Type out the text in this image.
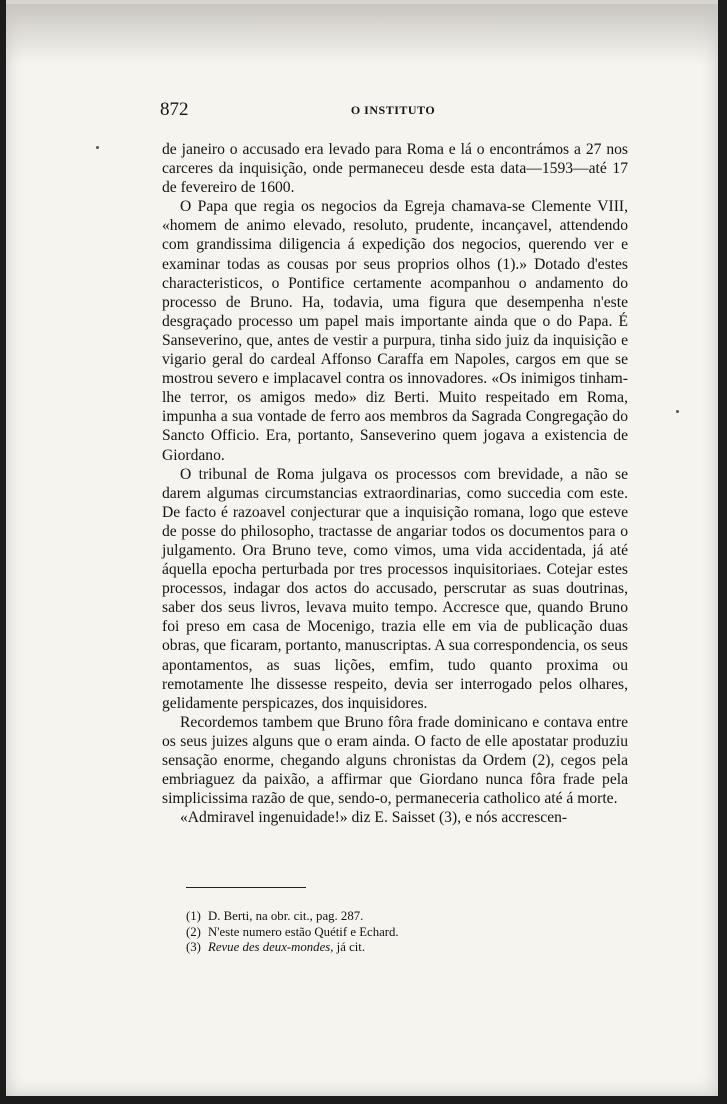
872	O INSTITUTO

de janeiro o accusado era levado para Roma e lá o encontrámos a 27 nos carceres da inquisição, onde permaneceu desde esta data—1593—até 17 de fevereiro de 1600.

O Papa que regia os negocios da Egreja chamava-se Clemente VIII, «homem de animo elevado, resoluto, prudente, incançavel, attendendo com grandissima diligencia á expedição dos negocios, querendo ver e examinar todas as cousas por seus proprios olhos (1).» Dotado d'estes characteristicos, o Pontifice certamente acompanhou o andamento do processo de Bruno. Ha, todavia, uma figura que desempenha n'este desgraçado processo um papel mais importante ainda que o do Papa. É Sanseverino, que, antes de vestir a purpura, tinha sido juiz da inquisição e vigario geral do cardeal Affonso Caraffa em Napoles, cargos em que se mostrou severo e implacavel contra os innovadores. «Os inimigos tinham-lhe terror, os amigos medo» diz Berti. Muito respeitado em Roma, impunha a sua vontade de ferro aos membros da Sagrada Congregação do Sancto Officio. Era, portanto, Sanseverino quem jogava a existencia de Giordano.

O tribunal de Roma julgava os processos com brevidade, a não se darem algumas circumstancias extraordinarias, como succedia com este. De facto é razoavel conjecturar que a inquisição romana, logo que esteve de posse do philosopho, tractasse de angariar todos os documentos para o julgamento. Ora Bruno teve, como vimos, uma vida accidentada, já até áquella epocha perturbada por tres processos inquisitoriaes. Cotejar estes processos, indagar dos actos do accusado, perscrutar as suas doutrinas, saber dos seus livros, levava muito tempo. Accresce que, quando Bruno foi preso em casa de Mocenigo, trazia elle em via de publicação duas obras, que ficaram, portanto, manuscriptas. A sua correspondencia, os seus apontamentos, as suas lições, emfim, tudo quanto proxima ou remotamente lhe dissesse respeito, devia ser interrogado pelos olhares, gelidamente perspicazes, dos inquisidores.

Recordemos tambem que Bruno fôra frade dominicano e contava entre os seus juizes alguns que o eram ainda. O facto de elle apostatar produziu sensação enorme, chegando alguns chronistas da Ordem (2), cegos pela embriaguez da paixão, a affirmar que Giordano nunca fôra frade pela simplicissima razão de que, sendo-o, permaneceria catholico até á morte.

«Admiravel ingenuidade!» diz E. Saisset (3), e nós accrescen-

(1) D. Berti, na obr. cit., pag. 287.
(2) N'este numero estão Quétif e Echard.
(3) Revue des deux-mondes, já cit.
